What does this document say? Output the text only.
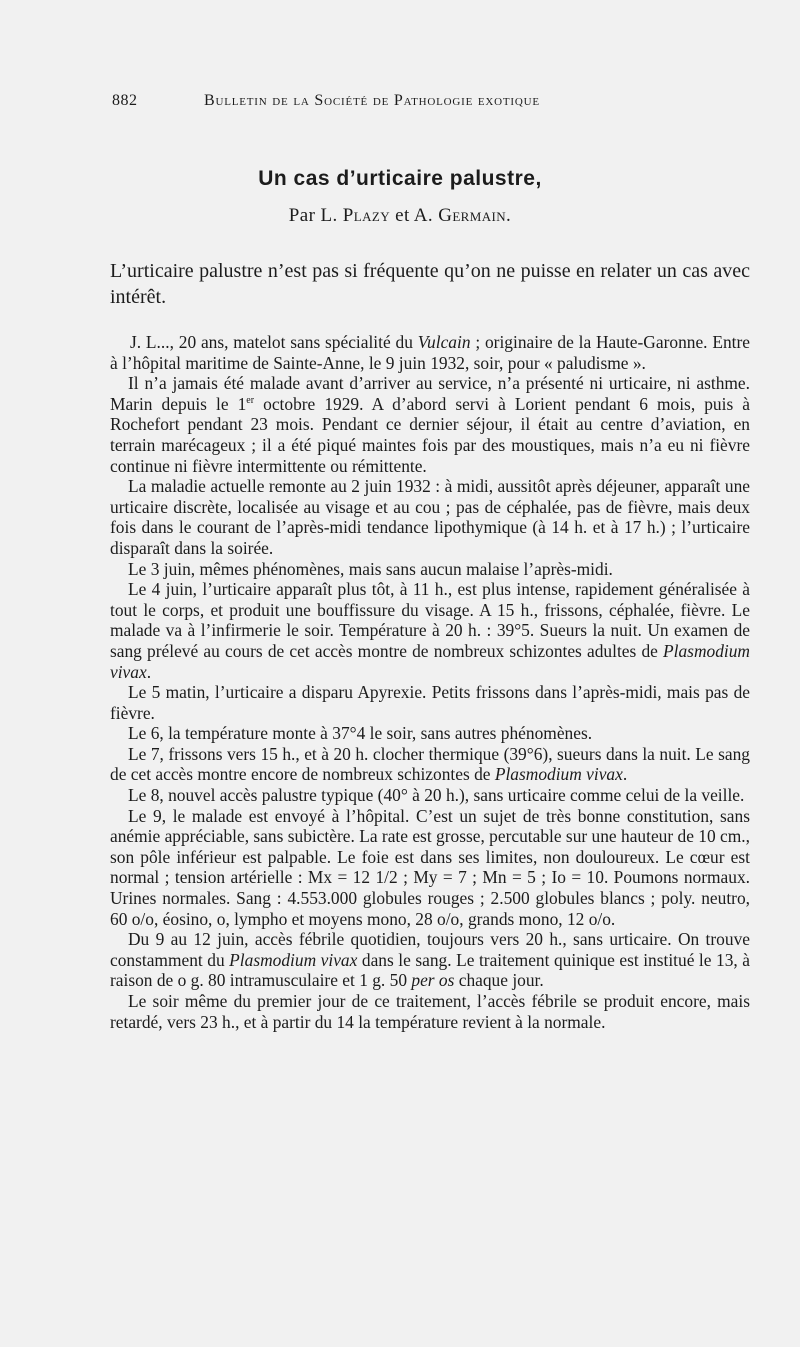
882	Bulletin de la Société de Pathologie exotique
Un cas d’urticaire palustre,
Par L. Plazy et A. Germain.

L’urticaire palustre n’est pas si fréquente qu’on ne puisse en relater un cas avec intérêt.

J. L..., 20 ans, matelot sans spécialité du Vulcain ; originaire de la Haute-Garonne. Entre à l’hôpital maritime de Sainte-Anne, le 9 juin 1932, soir, pour « paludisme ».

Il n’a jamais été malade avant d’arriver au service, n’a présenté ni urticaire, ni asthme. Marin depuis le 1er octobre 1929. A d’abord servi à Lorient pendant 6 mois, puis à Rochefort pendant 23 mois. Pendant ce dernier séjour, il était au centre d’aviation, en terrain marécageux ; il a été piqué maintes fois par des moustiques, mais n’a eu ni fièvre continue ni fièvre intermittente ou rémittente.

La maladie actuelle remonte au 2 juin 1932 : à midi, aussitôt après déjeuner, apparaît une urticaire discrète, localisée au visage et au cou ; pas de céphalée, pas de fièvre, mais deux fois dans le courant de l’après-midi tendance lipothymique (à 14 h. et à 17 h.) ; l’urticaire disparaît dans la soirée.

Le 3 juin, mêmes phénomènes, mais sans aucun malaise l’après-midi.

Le 4 juin, l’urticaire apparaît plus tôt, à 11 h., est plus intense, rapidement généralisée à tout le corps, et produit une bouffissure du visage. A 15 h., frissons, céphalée, fièvre. Le malade va à l’infirmerie le soir. Température à 20 h. : 39°5. Sueurs la nuit. Un examen de sang prélevé au cours de cet accès montre de nombreux schizontes adultes de Plasmodium vivax.

Le 5 matin, l’urticaire a disparu Apyrexie. Petits frissons dans l’après-midi, mais pas de fièvre.

Le 6, la température monte à 37°4 le soir, sans autres phénomènes.

Le 7, frissons vers 15 h., et à 20 h. clocher thermique (39°6), sueurs dans la nuit. Le sang de cet accès montre encore de nombreux schizontes de Plasmodium vivax.

Le 8, nouvel accès palustre typique (40° à 20 h.), sans urticaire comme celui de la veille.

Le 9, le malade est envoyé à l’hôpital. C’est un sujet de très bonne constitution, sans anémie appréciable, sans subictère. La rate est grosse, percutable sur une hauteur de 10 cm., son pôle inférieur est palpable. Le foie est dans ses limites, non douloureux. Le cœur est normal ; tension artérielle : Mx = 12 1/2 ; My = 7 ; Mn = 5 ; Io = 10. Poumons normaux. Urines normales. Sang : 4.553.000 globules rouges ; 2.500 globules blancs ; poly. neutro, 60 o/o, éosino, o, lympho et moyens mono, 28 o/o, grands mono, 12 o/o.

Du 9 au 12 juin, accès fébrile quotidien, toujours vers 20 h., sans urticaire. On trouve constamment du Plasmodium vivax dans le sang. Le traitement quinique est institué le 13, à raison de o g. 80 intramusculaire et 1 g. 50 per os chaque jour.

Le soir même du premier jour de ce traitement, l’accès fébrile se produit encore, mais retardé, vers 23 h., et à partir du 14 la température revient à la normale.
